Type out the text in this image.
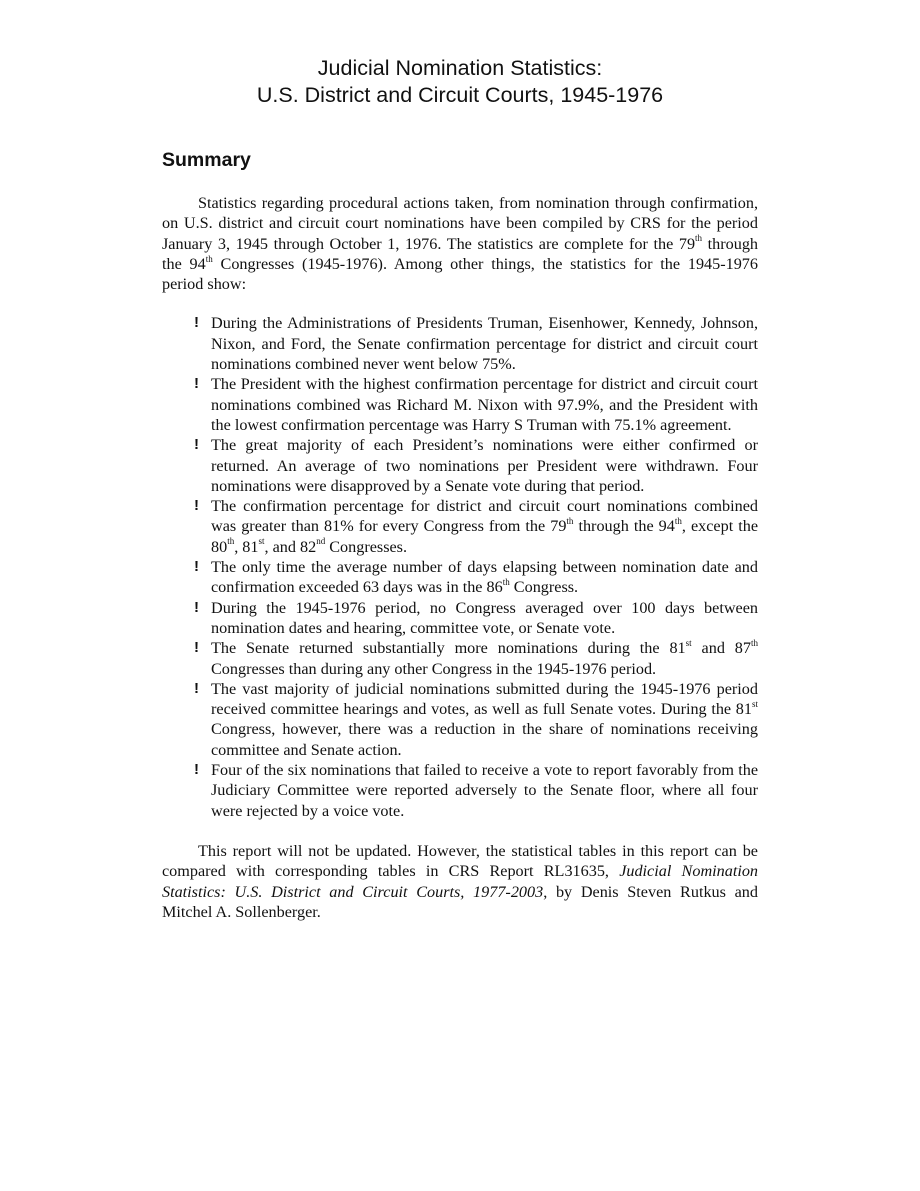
Judicial Nomination Statistics:
U.S. District and Circuit Courts, 1945-1976
Summary

Statistics regarding procedural actions taken, from nomination through confirmation, on U.S. district and circuit court nominations have been compiled by CRS for the period January 3, 1945 through October 1, 1976. The statistics are complete for the 79th through the 94th Congresses (1945-1976). Among other things, the statistics for the 1945-1976 period show:

! During the Administrations of Presidents Truman, Eisenhower, Kennedy, Johnson, Nixon, and Ford, the Senate confirmation percentage for district and circuit court nominations combined never went below 75%.
! The President with the highest confirmation percentage for district and circuit court nominations combined was Richard M. Nixon with 97.9%, and the President with the lowest confirmation percentage was Harry S Truman with 75.1% agreement.
! The great majority of each President’s nominations were either confirmed or returned. An average of two nominations per President were withdrawn. Four nominations were disapproved by a Senate vote during that period.
! The confirmation percentage for district and circuit court nominations combined was greater than 81% for every Congress from the 79th through the 94th, except the 80th, 81st, and 82nd Congresses.
! The only time the average number of days elapsing between nomination date and confirmation exceeded 63 days was in the 86th Congress.
! During the 1945-1976 period, no Congress averaged over 100 days between nomination dates and hearing, committee vote, or Senate vote.
! The Senate returned substantially more nominations during the 81st and 87th Congresses than during any other Congress in the 1945-1976 period.
! The vast majority of judicial nominations submitted during the 1945-1976 period received committee hearings and votes, as well as full Senate votes. During the 81st Congress, however, there was a reduction in the share of nominations receiving committee and Senate action.
! Four of the six nominations that failed to receive a vote to report favorably from the Judiciary Committee were reported adversely to the Senate floor, where all four were rejected by a voice vote.

This report will not be updated. However, the statistical tables in this report can be compared with corresponding tables in CRS Report RL31635, Judicial Nomination Statistics: U.S. District and Circuit Courts, 1977-2003, by Denis Steven Rutkus and Mitchel A. Sollenberger.
